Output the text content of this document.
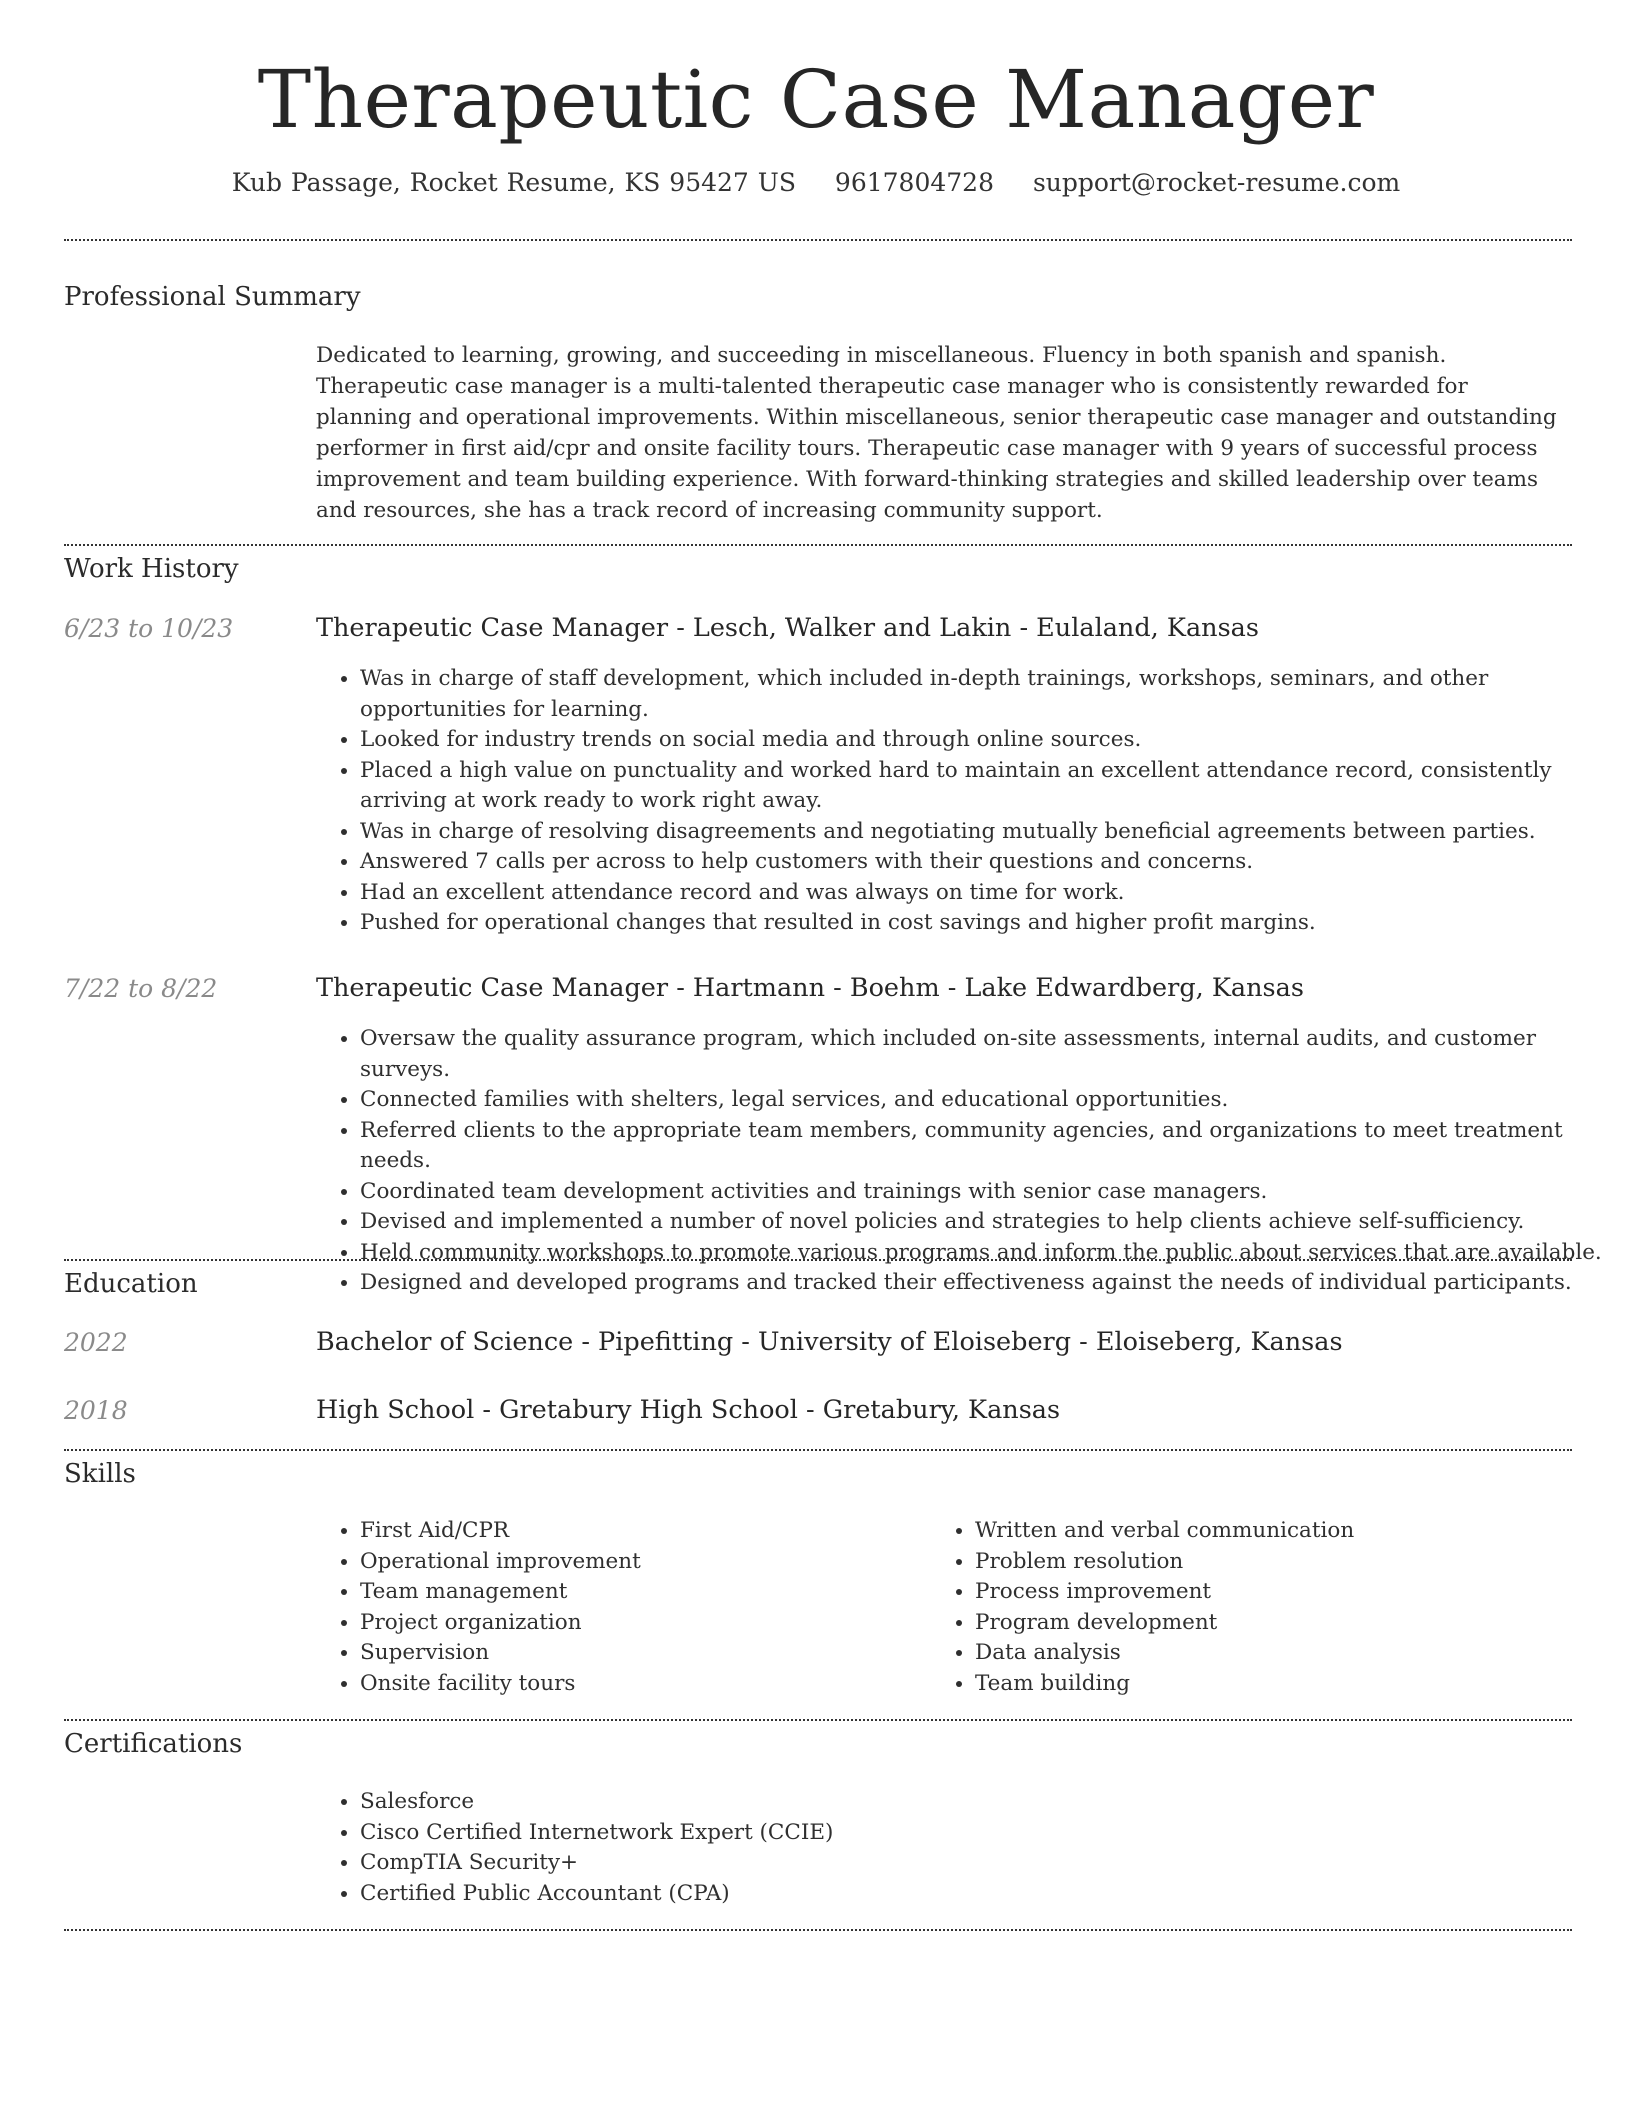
Therapeutic Case Manager
Kub Passage, Rocket Resume, KS 95427 US 9617804728 support@rocket-resume.com
Professional Summary
Dedicated to learning, growing, and succeeding in miscellaneous. Fluency in both spanish and spanish. Therapeutic case manager is a multi-talented therapeutic case manager who is consistently rewarded for planning and operational improvements. Within miscellaneous, senior therapeutic case manager and outstanding performer in first aid/cpr and onsite facility tours. Therapeutic case manager with 9 years of successful process improvement and team building experience. With forward-thinking strategies and skilled leadership over teams and resources, she has a track record of increasing community support.
Work History
6/23 to 10/23	Therapeutic Case Manager - Lesch, Walker and Lakin - Eulaland, Kansas
• Was in charge of staff development, which included in-depth trainings, workshops, seminars, and other opportunities for learning.
• Looked for industry trends on social media and through online sources.
• Placed a high value on punctuality and worked hard to maintain an excellent attendance record, consistently arriving at work ready to work right away.
• Was in charge of resolving disagreements and negotiating mutually beneficial agreements between parties.
• Answered 7 calls per across to help customers with their questions and concerns.
• Had an excellent attendance record and was always on time for work.
• Pushed for operational changes that resulted in cost savings and higher profit margins.
7/22 to 8/22	Therapeutic Case Manager - Hartmann - Boehm - Lake Edwardberg, Kansas
• Oversaw the quality assurance program, which included on-site assessments, internal audits, and customer surveys.
• Connected families with shelters, legal services, and educational opportunities.
• Referred clients to the appropriate team members, community agencies, and organizations to meet treatment needs.
• Coordinated team development activities and trainings with senior case managers.
• Devised and implemented a number of novel policies and strategies to help clients achieve self-sufficiency.
• Held community workshops to promote various programs and inform the public about services that are available.
• Designed and developed programs and tracked their effectiveness against the needs of individual participants.
Education
2022	Bachelor of Science - Pipefitting - University of Eloiseberg - Eloiseberg, Kansas
2018	High School - Gretabury High School - Gretabury, Kansas
Skills
• First Aid/CPR
• Operational improvement
• Team management
• Project organization
• Supervision
• Onsite facility tours
• Written and verbal communication
• Problem resolution
• Process improvement
• Program development
• Data analysis
• Team building
Certifications
• Salesforce
• Cisco Certified Internetwork Expert (CCIE)
• CompTIA Security+
• Certified Public Accountant (CPA)
